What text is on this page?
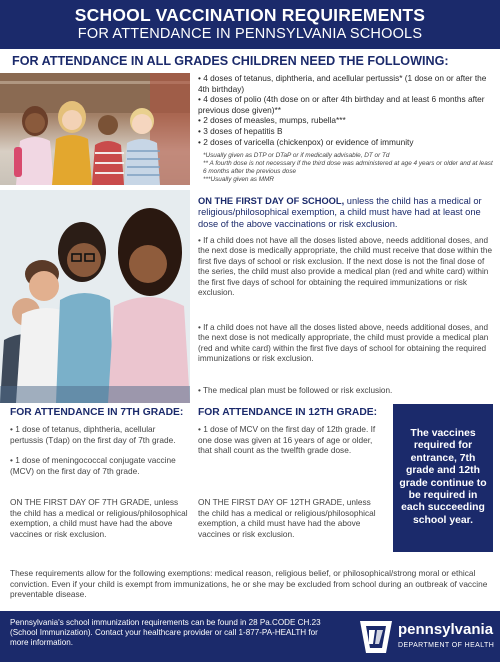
SCHOOL VACCINATION REQUIREMENTS
FOR ATTENDANCE IN PENNSYLVANIA SCHOOLS
FOR ATTENDANCE IN ALL GRADES CHILDREN NEED THE FOLLOWING:
• 4 doses of tetanus, diphtheria, and acellular pertussis* (1 dose on or after the 4th birthday)
• 4 doses of polio (4th dose on or after 4th birthday and at least 6 months after previous dose given)**
• 2 doses of measles, mumps, rubella***
• 3 doses of hepatitis B
• 2 doses of varicella (chickenpox) or evidence of immunity
*Usually given as DTP or DTaP or if medically advisable, DT or Td
** A fourth dose is not necessary if the third dose was administered at age 4 years or older and at least 6 months after the previous dose
***Usually given as MMR
ON THE FIRST DAY OF SCHOOL, unless the child has a medical or religious/philosophical exemption, a child must have had at least one dose of the above vaccinations or risk exclusion.
• If a child does not have all the doses listed above, needs additional doses, and the next dose is medically appropriate, the child must receive that dose within the first five days of school or risk exclusion. If the next dose is not the final dose of the series, the child must also provide a medical plan (red and white card) within the first five days of school for obtaining the required immunizations or risk exclusion.
• If a child does not have all the doses listed above, needs additional doses, and the next dose is not medically appropriate, the child must provide a medical plan (red and white card) within the first five days of school for obtaining the required immunizations or risk exclusion.
• The medical plan must be followed or risk exclusion.
FOR ATTENDANCE IN 7TH GRADE: FOR ATTENDANCE IN 12TH GRADE:
• 1 dose of tetanus, diphtheria, acellular pertussis (Tdap) on the first day of 7th grade.
• 1 dose of meningococcal conjugate vaccine (MCV) on the first day of 7th grade.
ON THE FIRST DAY OF 7TH GRADE, unless the child has a medical or religious/philosophical exemption, a child must have had the above vaccines or risk exclusion.
• 1 dose of MCV on the first day of 12th grade. If one dose was given at 16 years of age or older, that shall count as the twelfth grade dose.
ON THE FIRST DAY OF 12TH GRADE, unless the child has a medical or religious/philosophical exemption, a child must have had the above vaccines or risk exclusion.
The vaccines required for entrance, 7th grade and 12th grade continue to be required in each succeeding school year.
These requirements allow for the following exemptions: medical reason, religious belief, or philosophical/strong moral or ethical conviction. Even if your child is exempt from immunizations, he or she may be excluded from school during an outbreak of vaccine preventable disease.
Pennsylvania's school immunization requirements can be found in 28 Pa.CODE CH.23 (School Immunization). Contact your healthcare provider or call 1-877-PA-HEALTH for more information.
pennsylvania
DEPARTMENT OF HEALTH
